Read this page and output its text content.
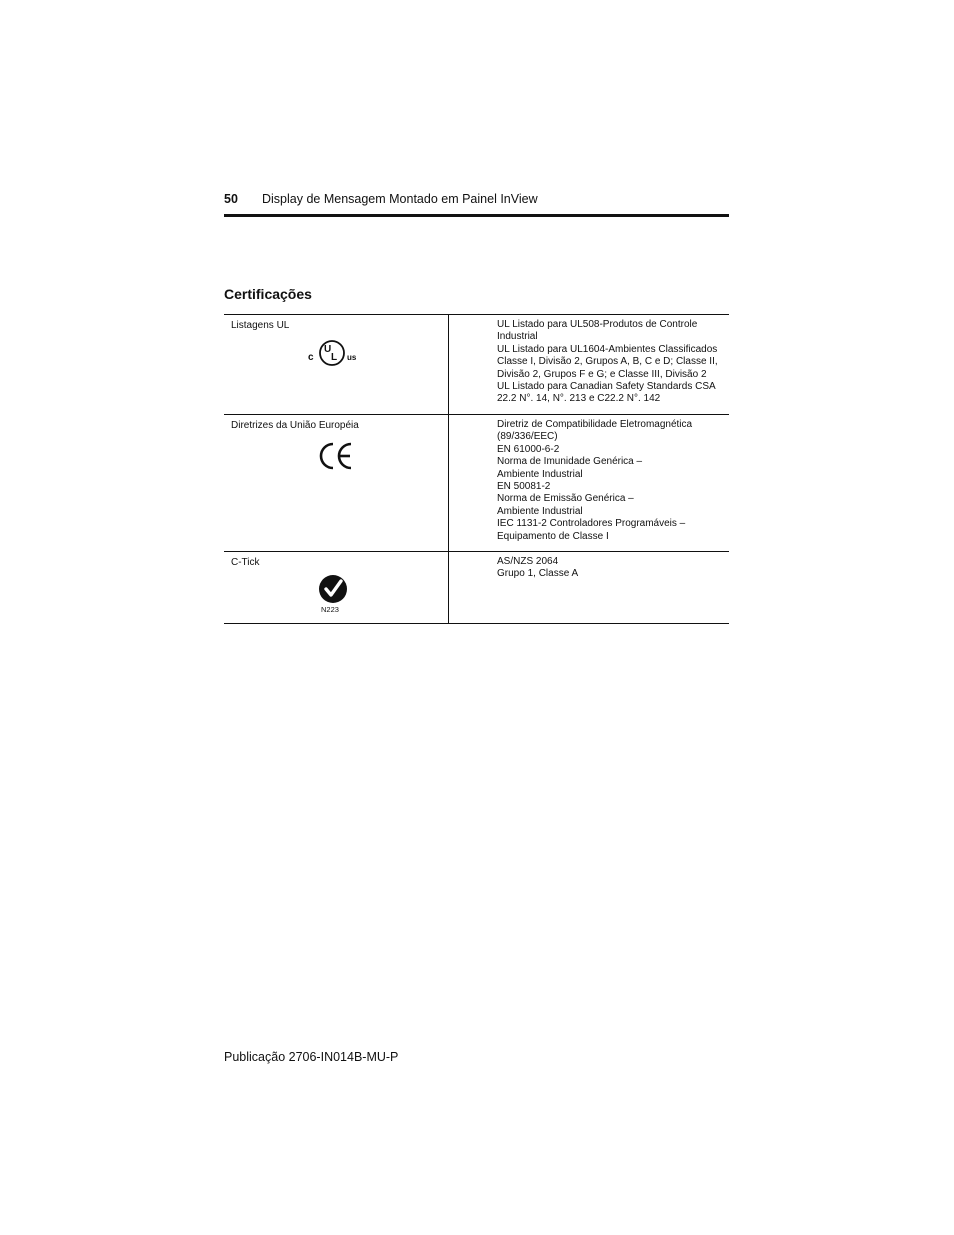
50 Display de Mensagem Montado em Painel InView
Certificações
Listagens UL
c
U
L us

UL Listado para UL508-Produtos de Controle
Industrial
UL Listado para UL1604-Ambientes Classificados
Classe I, Divisão 2, Grupos A, B, C e D; Classe II,
Divisão 2, Grupos F e G; e Classe III, Divisão 2
UL Listado para Canadian Safety Standards CSA
22.2 N°. 14, N°. 213 e C22.2 N°. 142

Diretrizes da União Européia	Diretriz de Compatibilidade Eletromagnética
(89/336/EEC)
EN 61000-6-2
Norma de Imunidade Genérica –
Ambiente Industrial
EN 50081-2
Norma de Emissão Genérica –
Ambiente Industrial
IEC 1131-2 Controladores Programáveis –
Equipamento de Classe I

C-Tick
N223

AS/NZS 2064
Grupo 1, Classe A

Publicação 2706-IN014B-MU-P
